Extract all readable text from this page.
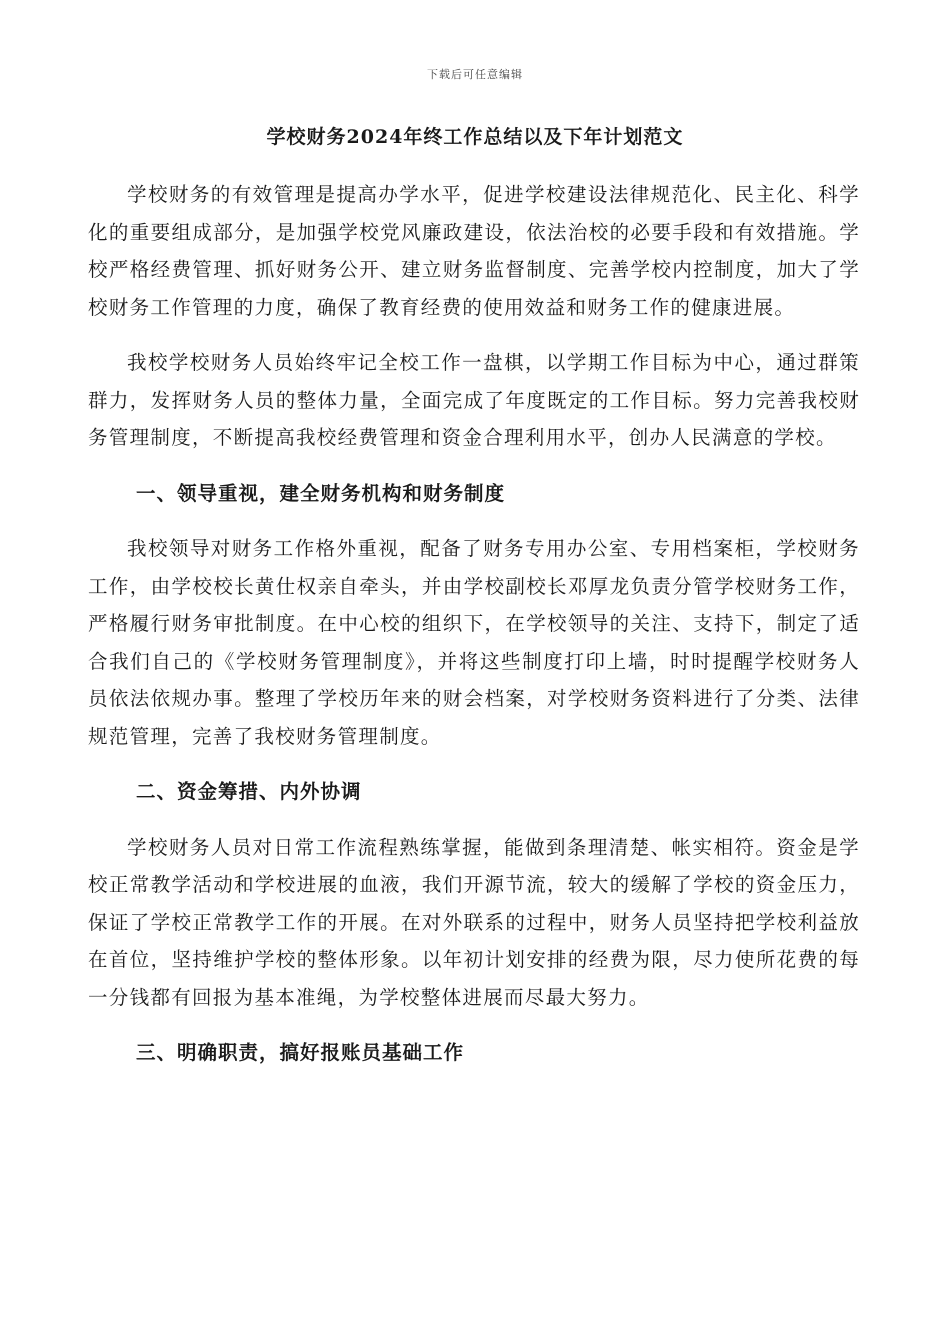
下载后可任意编辑
学校财务2024年终工作总结以及下年计划范文

学校财务的有效管理是提高办学水平，促进学校建设法律规范化、民主化、科学化的重要组成部分，是加强学校党风廉政建设，依法治校的必要手段和有效措施。学校严格经费管理、抓好财务公开、建立财务监督制度、完善学校内控制度，加大了学校财务工作管理的力度，确保了教育经费的使用效益和财务工作的健康进展。

我校学校财务人员始终牢记全校工作一盘棋，以学期工作目标为中心，通过群策群力，发挥财务人员的整体力量，全面完成了年度既定的工作目标。努力完善我校财务管理制度，不断提高我校经费管理和资金合理利用水平，创办人民满意的学校。

一、领导重视，建全财务机构和财务制度

我校领导对财务工作格外重视，配备了财务专用办公室、专用档案柜，学校财务工作，由学校校长黄仕权亲自牵头，并由学校副校长邓厚龙负责分管学校财务工作，严格履行财务审批制度。在中心校的组织下，在学校领导的关注、支持下，制定了适合我们自己的《学校财务管理制度》，并将这些制度打印上墙，时时提醒学校财务人员依法依规办事。整理了学校历年来的财会档案，对学校财务资料进行了分类、法律规范管理，完善了我校财务管理制度。

二、资金筹措、内外协调

学校财务人员对日常工作流程熟练掌握，能做到条理清楚、帐实相符。资金是学校正常教学活动和学校进展的血液，我们开源节流，较大的缓解了学校的资金压力，保证了学校正常教学工作的开展。在对外联系的过程中，财务人员坚持把学校利益放在首位，坚持维护学校的整体形象。以年初计划安排的经费为限，尽力使所花费的每一分钱都有回报为基本准绳，为学校整体进展而尽最大努力。

三、明确职责，搞好报账员基础工作
